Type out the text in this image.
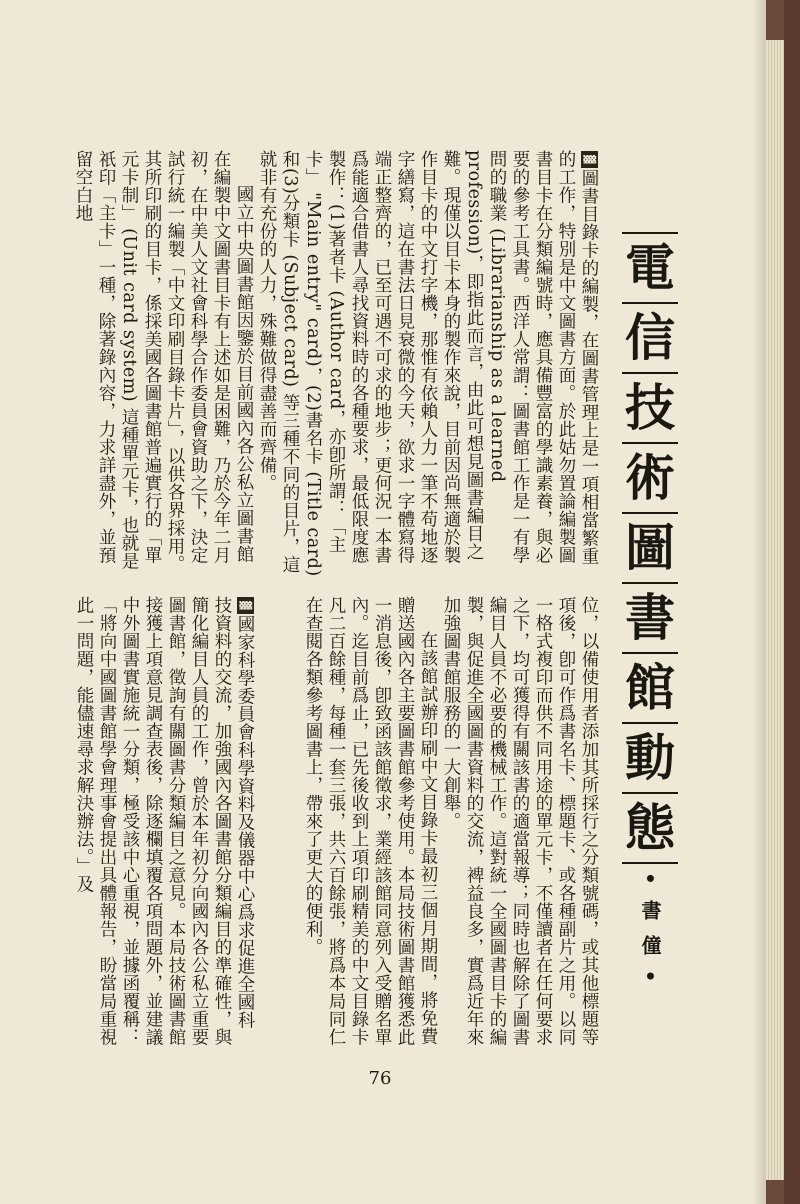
電
信
技
術
圖
書
館
動
態
• 書 僮 •

▓圖書目錄卡的編製，在圖書管理上是一項相當繁重的工作，特別是中文圖書方面。於此姑勿置論編製圖書目卡在分類編號時，應具備豐富的學識素養，與必要的參考工具書。西洋人常謂：圖書館工作是一有學問的職業 (Librarianship as a learned profession)，即指此而言，由此可想見圖書編目之難。現僅以目卡本身的製作來說，目前因尚無適於製作目卡的中文打字機，那惟有依賴人力一筆不苟地逐字繕寫，這在書法日見衰微的今天，欲求一字體寫得端正整齊的，已至可遇不可求的地步；更何況一本書爲能適合借書人尋找資料時的各種要求，最低限度應製作：(1)著者卡 (Author card，亦卽所謂：「主卡」 "Main entry" card)，(2)書名卡 (Title card) 和(3)分類卡 (Subject card) 等三種不同的目片，這就非有充份的人力，殊難做得盡善而齊備。

國立中央圖書館因鑒於目前國內各公私立圖書館在編製中文圖書目卡有上述如是困難，乃於今年二月初，在中美人文社會科學合作委員會資助之下，決定試行統一編製「中文印刷目錄卡片」，以供各界採用。其所印刷的目卡，係採美國各圖書館普遍實行的「單元卡制」 (Unit card system) 這種單元卡，也就是祇印「主卡」一種，除著錄內容，力求詳盡外，並預留空白地

位，以備使用者添加其所採行之分類號碼，或其他標題等項後，卽可作爲書名卡、標題卡、或各種副片之用。以同一格式複印而供不同用途的單元卡，不僅讀者在任何要求之下，均可獲得有關該書的適當報導；同時也解除了圖書編目人員不必要的機械工作。這對統一全國圖書目卡的編製，與促進全國圖書資料的交流，裨益良多，實爲近年來加強圖書館服務的一大創舉。

在該館試辦印刷中文目錄卡最初三個月期間，將免費贈送國內各主要圖書館參考使用。本局技術圖書館獲悉此一消息後，卽致函該館徵求，業經該館同意列入受贈名單內。迄目前爲止，已先後收到上項印刷精美的中文目錄卡凡二百餘種，每種一套三張，共六百餘張，將爲本局同仁在查閱各類參考圖書上，帶來了更大的便利。

▓國家科學委員會科學資料及儀器中心爲求促進全國科技資料的交流，加強國內各圖書館分類編目的準確性，與簡化編目人員的工作，曾於本年初分向國內各公私立重要圖書館，徵詢有關圖書分類編目之意見。本局技術圖書館接獲上項意見調查表後，除逐欄填覆各項問題外，並建議中外圖書實施統一分類，極受該中心重視，並據函覆稱：「將向中國圖書館學會理事會提出具體報告，盼當局重視此一問題，能儘速尋求解決辦法。」及

76
